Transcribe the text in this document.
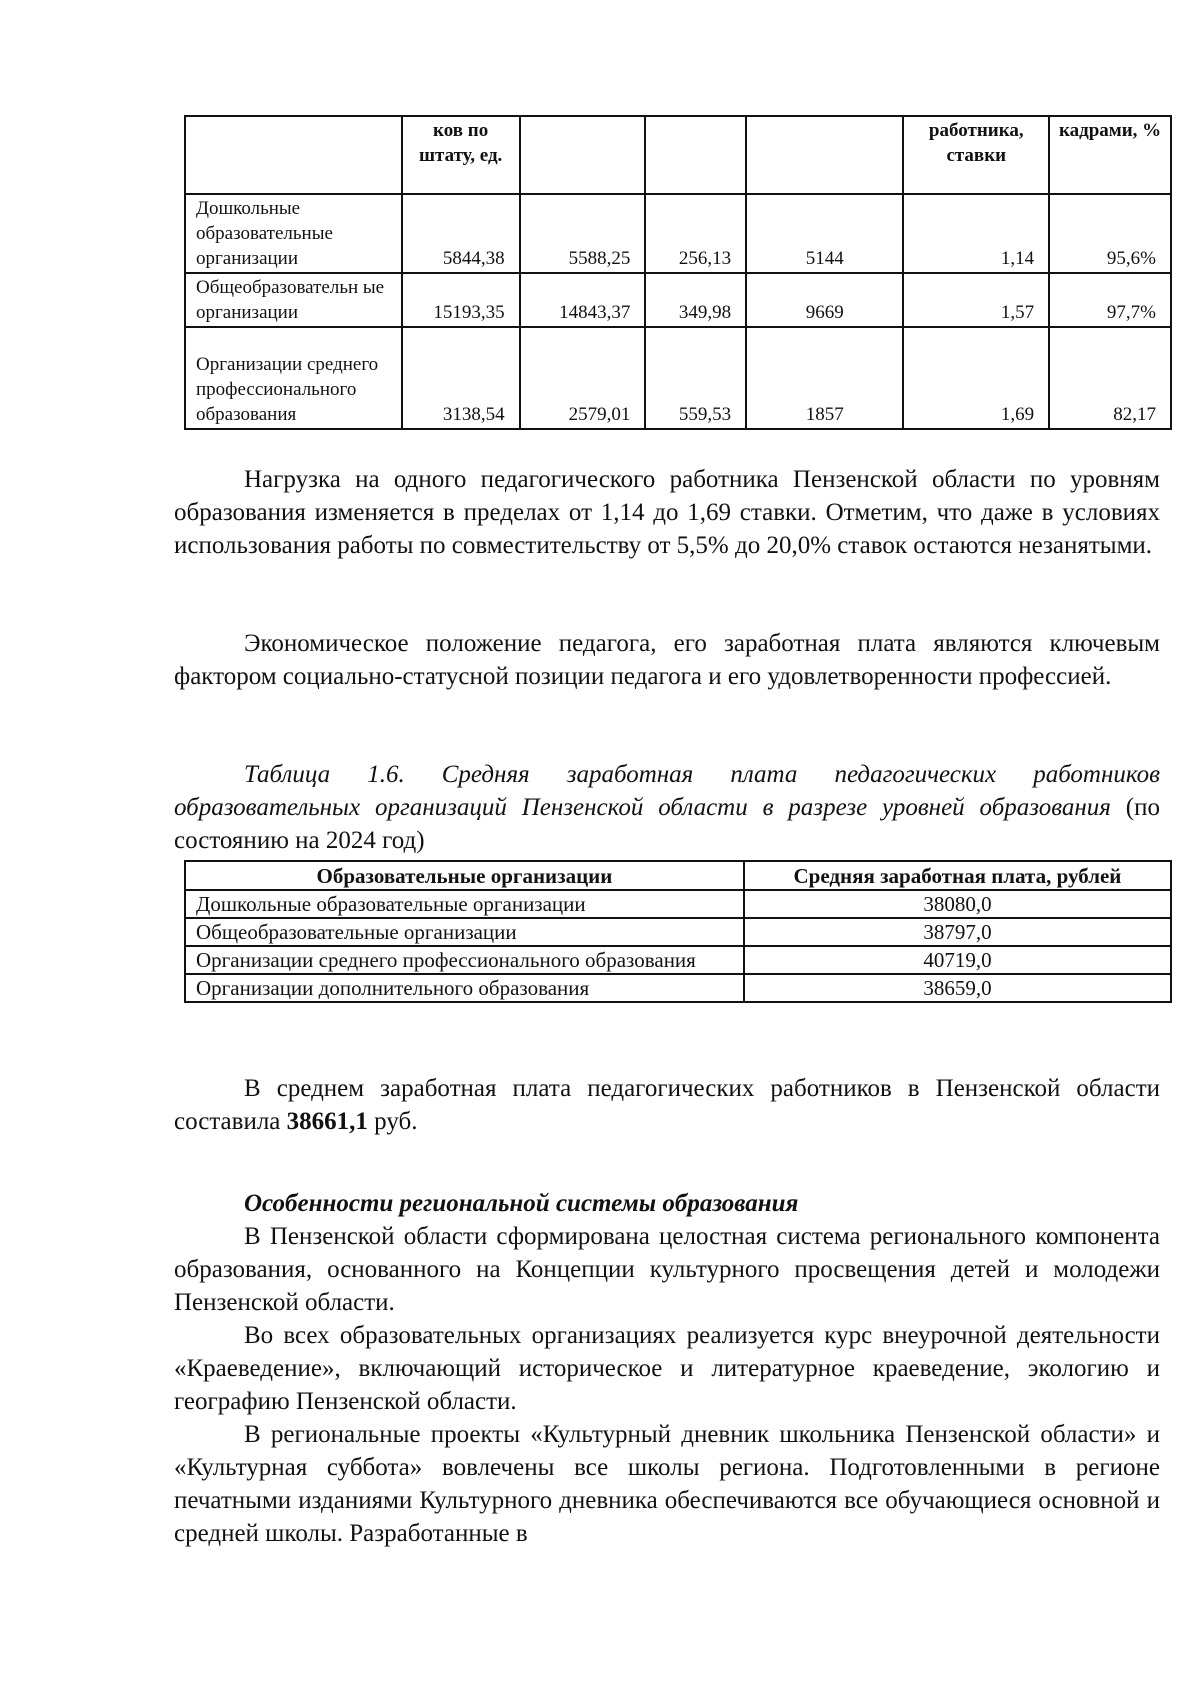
	ков по штату, ед.				работника, ставки	кадрами, %
Дошкольные образовательные организации	5844,38	5588,25	256,13	5144	1,14	95,6%
Общеобразовательн ые организации	15193,35	14843,37	349,98	9669	1,57	97,7%
Организации среднего профессионального образования	3138,54	2579,01	559,53	1857	1,69	82,17

Нагрузка на одного педагогического работника Пензенской области по уровням образования изменяется в пределах от 1,14 до 1,69 ставки. Отметим, что даже в условиях использования работы по совместительству от 5,5% до 20,0% ставок остаются незанятыми.

Экономическое положение педагога, его заработная плата являются ключевым фактором социально-статусной позиции педагога и его удовлетворенности профессией.

Таблица 1.6. Средняя заработная плата педагогических работников образовательных организаций Пензенской области в разрезе уровней образования (по состоянию на 2024 год)

Образовательные организации	Средняя заработная плата, рублей
Дошкольные образовательные организации	38080,0
Общеобразовательные организации	38797,0
Организации среднего профессионального образования	40719,0
Организации дополнительного образования	38659,0

В среднем заработная плата педагогических работников в Пензенской области составила 38661,1 руб.

Особенности региональной системы образования

В Пензенской области сформирована целостная система регионального компонента образования, основанного на Концепции культурного просвещения детей и молодежи Пензенской области.

Во всех образовательных организациях реализуется курс внеурочной деятельности «Краеведение», включающий историческое и литературное краеведение, экологию и географию Пензенской области.

В региональные проекты «Культурный дневник школьника Пензенской области» и «Культурная суббота» вовлечены все школы региона. Подготовленными в регионе печатными изданиями Культурного дневника обеспечиваются все обучающиеся основной и средней школы. Разработанные в
